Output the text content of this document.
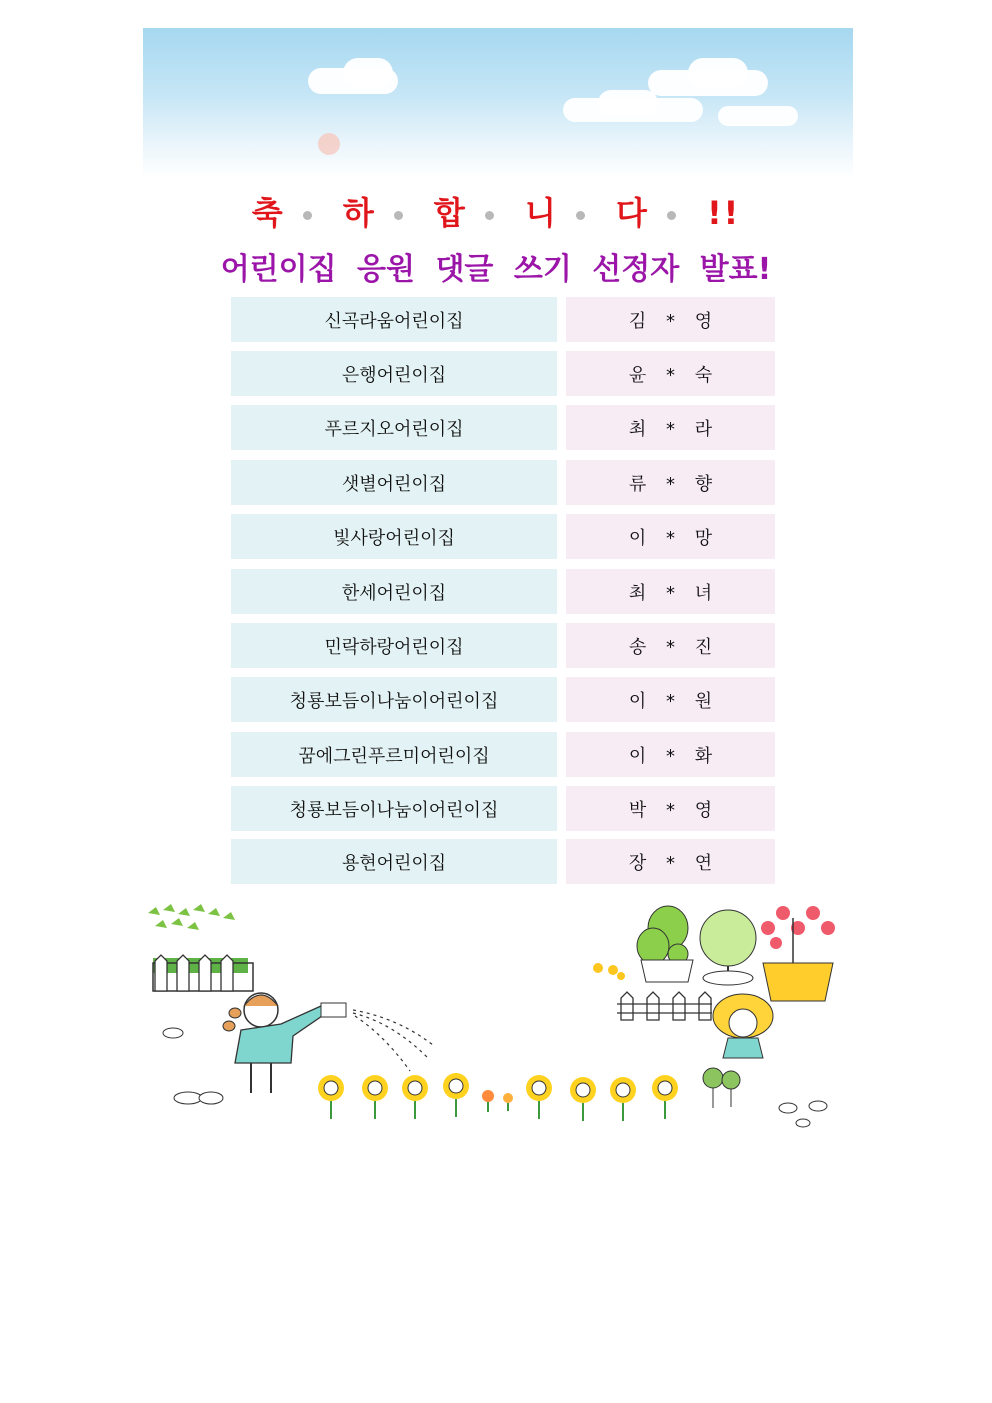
축 하 합 니 다 !!
어린이집 응원 댓글 쓰기 선정자 발표!
신곡라움어린이집	김 * 영
은행어린이집	윤 * 숙
푸르지오어린이집	최 * 라
샛별어린이집	류 * 향
빛사랑어린이집	이 * 망
한세어린이집	최 * 녀
민락하랑어린이집	송 * 진
청룡보듬이나눔이어린이집	이 * 원
꿈에그린푸르미어린이집	이 * 화
청룡보듬이나눔이어린이집	박 * 영
용현어린이집	장 * 연
